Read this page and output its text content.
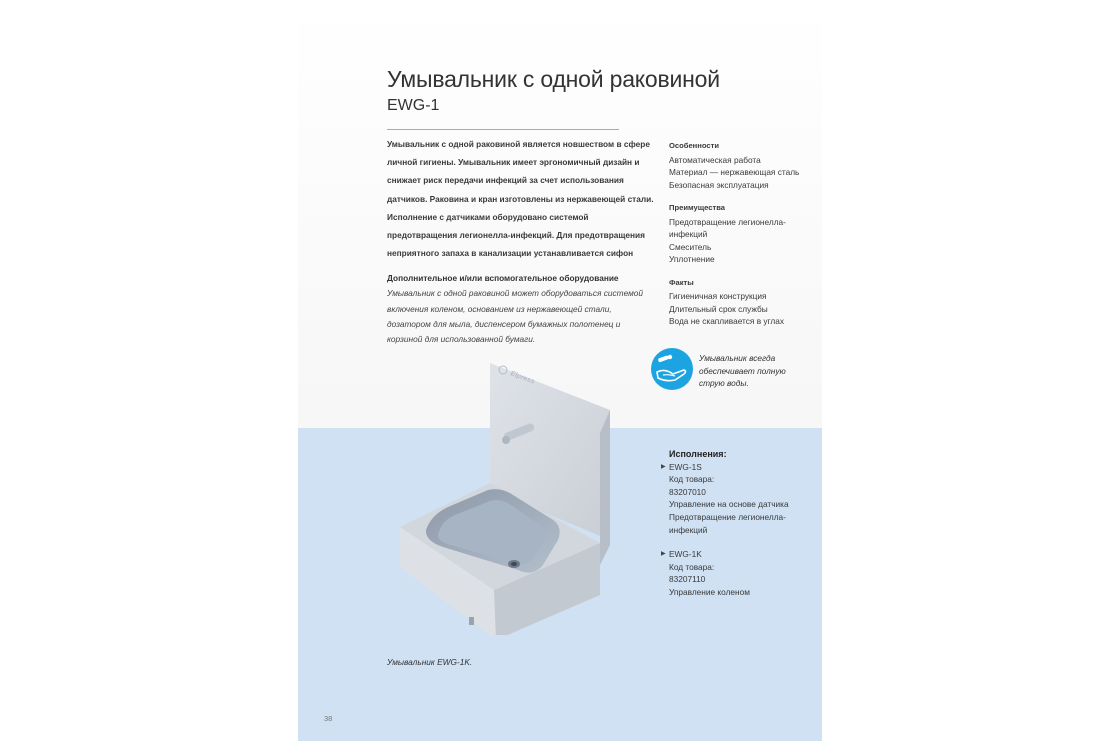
Умывальник с одной раковиной
EWG-1
Умывальник с одной раковиной является новшеством в сфере личной гигиены. Умывальник имеет эргономичный дизайн и снижает риск передачи инфекций за счет использования датчиков. Раковина и кран изготовлены из нержавеющей стали. Исполнение с датчиками оборудовано системой предотвращения легионелла-инфекций. Для предотвращения неприятного запаха в канализации устанавливается сифон
Дополнительное и/или вспомогательное оборудование
Умывальник с одной раковиной может оборудоваться системой включения коленом, основанием из нержавеющей стали, дозатором для мыла, диспенсером бумажных полотенец и корзиной для использованной бумаги.
Особенности
Автоматическая работа
Материал — нержавеющая сталь
Безопасная эксплуатация
Преимущества
Предотвращение легионелла-
инфекций
Смеситель
Уплотнение
Факты
Гигиеничная конструкция
Длительный срок службы
Вода не скапливается в углах
Умывальник всегда
обеспечивает полную
струю воды.
Elpress
Исполнения:
▶ EWG-1S
Код товара:
83207010
Управление на основе датчика
Предотвращение легионелла-
инфекций
▶ EWG-1K
Код товара:
83207110
Управление коленом
Умывальник EWG-1K.
38
